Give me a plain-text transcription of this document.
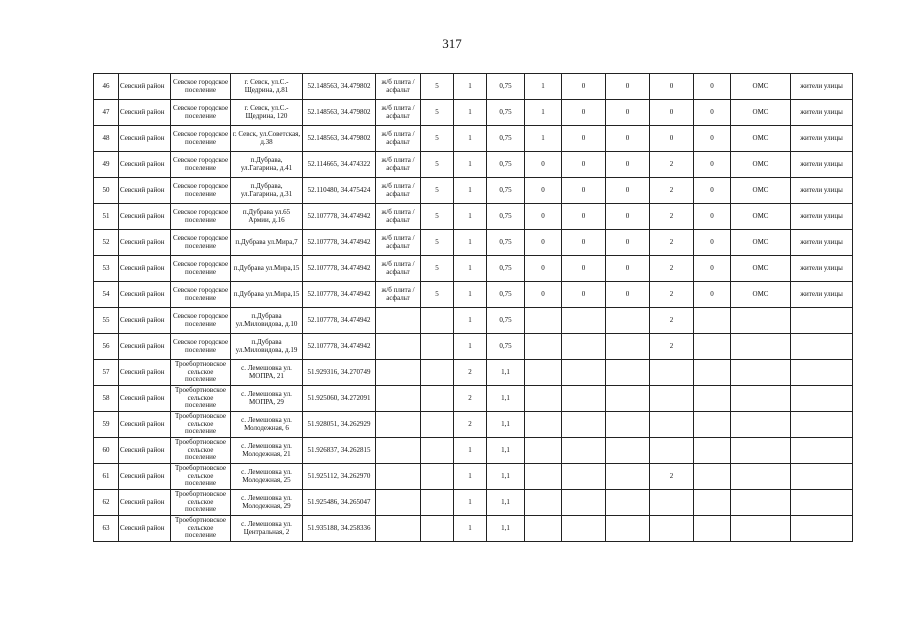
317
46	Севский район	Севское городское поселение	г. Севск, ул.С.-Щедрина, д.81	52.148563, 34.479802	ж/б плита /асфальт	5	1	0,75	1	0	0	0	0	ОМС	жители улицы
47	Севский район	Севское городское поселение	г. Севск, ул.С.-Щедрина, 120	52.148563, 34.479802	ж/б плита /асфальт	5	1	0,75	1	0	0	0	0	ОМС	жители улицы
48	Севский район	Севское городское поселение	г. Севск, ул.Советская, д.38	52.148563, 34.479802	ж/б плита /асфальт	5	1	0,75	1	0	0	0	0	ОМС	жители улицы
49	Севский район	Севское городское поселение	п.Дубрава, ул.Гагарина, д.41	52.114665, 34.474322	ж/б плита /асфальт	5	1	0,75	0	0	0	2	0	ОМС	жители улицы
50	Севский район	Севское городское поселение	п.Дубрава, ул.Гагарина, д.31	52.110480, 34.475424	ж/б плита /асфальт	5	1	0,75	0	0	0	2	0	ОМС	жители улицы
51	Севский район	Севское городское поселение	п.Дубрава ул.65 Армии, д.16	52.107778, 34.474942	ж/б плита /асфальт	5	1	0,75	0	0	0	2	0	ОМС	жители улицы
52	Севский район	Севское городское поселение	п.Дубрава ул.Мира,7	52.107778, 34.474942	ж/б плита /асфальт	5	1	0,75	0	0	0	2	0	ОМС	жители улицы
53	Севский район	Севское городское поселение	п.Дубрава ул.Мира,15	52.107778, 34.474942	ж/б плита /асфальт	5	1	0,75	0	0	0	2	0	ОМС	жители улицы
54	Севский район	Севское городское поселение	п.Дубрава ул.Мира,15	52.107778, 34.474942	ж/б плита /асфальт	5	1	0,75	0	0	0	2	0	ОМС	жители улицы
55	Севский район	Севское городское поселение	п.Дубрава ул.Миловидова, д.10	52.107778, 34.474942			1	0,75				2			
56	Севский район	Севское городское поселение	п.Дубрава ул.Миловидова, д.19	52.107778, 34.474942			1	0,75				2			
57	Севский район	Троебортновское сельское поселение	с. Лемешовка ул. МОПРА, 21	51.929316, 34.270749			2	1,1							
58	Севский район	Троебортновское сельское поселение	с. Лемешовка ул. МОПРА, 29	51.925060, 34.272091			2	1,1							
59	Севский район	Троебортновское сельское поселение	с. Лемешовка ул. Молодежная, 6	51.928051, 34.262929			2	1,1							
60	Севский район	Троебортновское сельское поселение	с. Лемешовка ул. Молодежная, 21	51.926837, 34.262815			1	1,1							
61	Севский район	Троебортновское сельское поселение	с. Лемешовка ул. Молодежная, 25	51.925112, 34.262970			1	1,1				2			
62	Севский район	Троебортновское сельское поселение	с. Лемешовка ул. Молодежная, 29	51.925486, 34.265047			1	1,1							
63	Севский район	Троебортновское сельское поселение	с. Лемешовка ул. Центральная, 2	51.935188, 34.258336			1	1,1							
